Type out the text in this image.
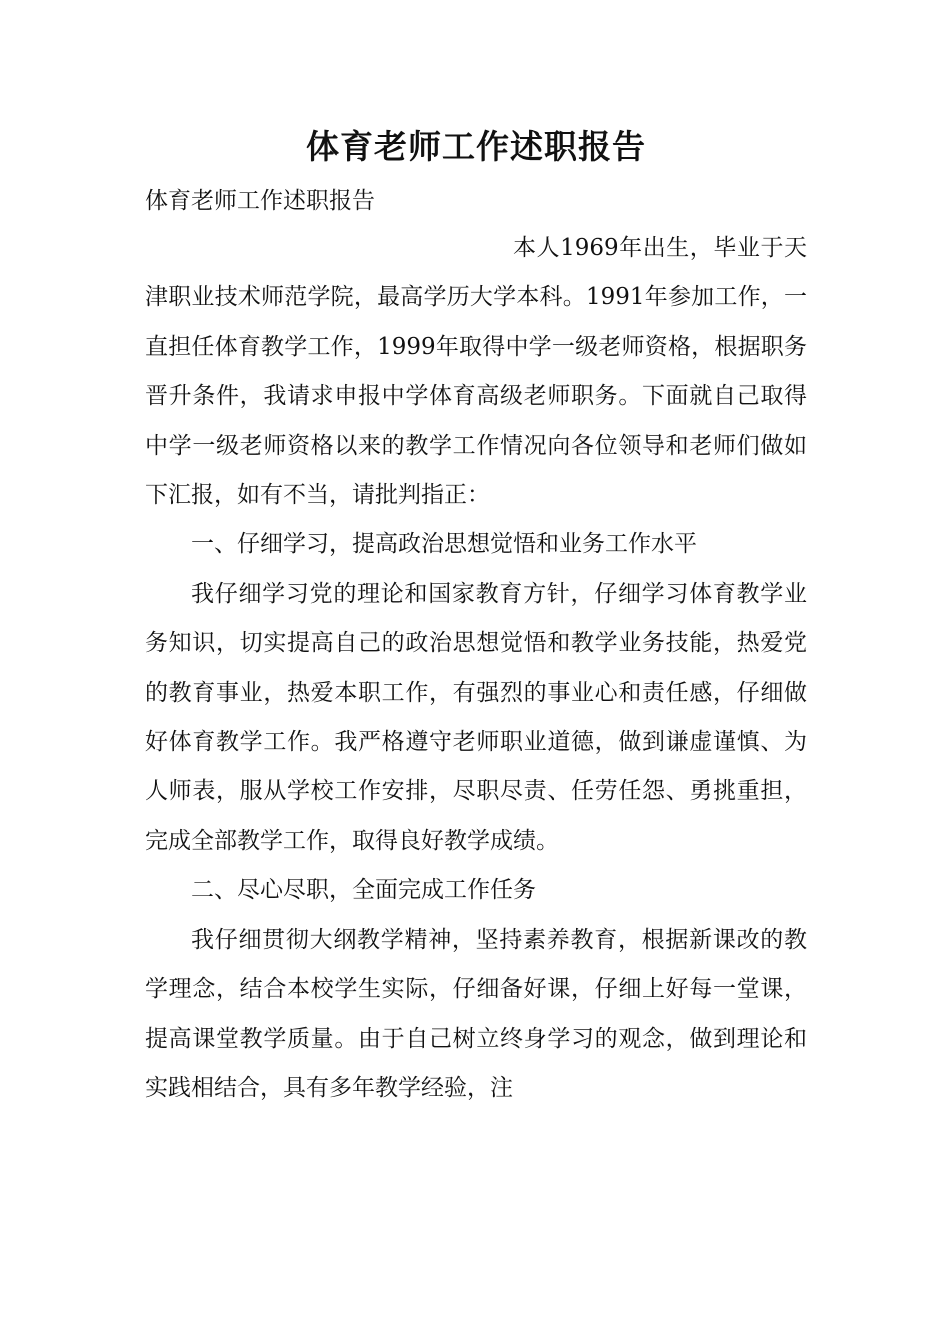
体育老师工作述职报告

体育老师工作述职报告

本人1969年出生，毕业于天津职业技术师范学院，最高学历大学本科。1991年参加工作，一直担任体育教学工作，1999年取得中学一级老师资格，根据职务晋升条件，我请求申报中学体育高级老师职务。下面就自己取得中学一级老师资格以来的教学工作情况向各位领导和老师们做如下汇报，如有不当，请批判指正：

一、仔细学习，提高政治思想觉悟和业务工作水平

我仔细学习党的理论和国家教育方针，仔细学习体育教学业务知识，切实提高自己的政治思想觉悟和教学业务技能，热爱党的教育事业，热爱本职工作，有强烈的事业心和责任感，仔细做好体育教学工作。我严格遵守老师职业道德，做到谦虚谨慎、为人师表，服从学校工作安排，尽职尽责、任劳任怨、勇挑重担，完成全部教学工作，取得良好教学成绩。

二、尽心尽职，全面完成工作任务

我仔细贯彻大纲教学精神，坚持素养教育，根据新课改的教学理念，结合本校学生实际，仔细备好课，仔细上好每一堂课，提高课堂教学质量。由于自己树立终身学习的观念，做到理论和实践相结合，具有多年教学经验，注
